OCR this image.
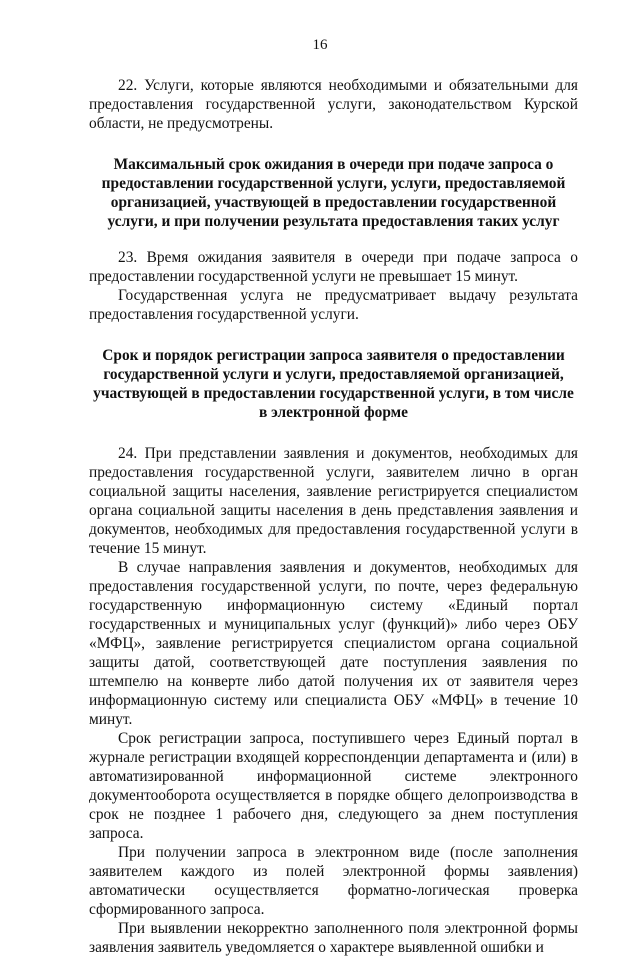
16

22. Услуги, которые являются необходимыми и обязательными для предоставления государственной услуги, законодательством Курской области, не предусмотрены.

Максимальный срок ожидания в очереди при подаче запроса о предоставлении государственной услуги, услуги, предоставляемой организацией, участвующей в предоставлении государственной услуги, и при получении результата предоставления таких услуг

23. Время ожидания заявителя в очереди при подаче запроса о предоставлении государственной услуги не превышает 15 минут.

Государственная услуга не предусматривает выдачу результата предоставления государственной услуги.

Срок и порядок регистрации запроса заявителя о предоставлении государственной услуги и услуги, предоставляемой организацией, участвующей в предоставлении государственной услуги, в том числе в электронной форме

24. При представлении заявления и документов, необходимых для предоставления государственной услуги, заявителем лично в орган социальной защиты населения, заявление регистрируется специалистом органа социальной защиты населения в день представления заявления и документов, необходимых для предоставления государственной услуги в течение 15 минут.

В случае направления заявления и документов, необходимых для предоставления государственной услуги, по почте, через федеральную государственную информационную систему «Единый портал государственных и муниципальных услуг (функций)» либо через ОБУ «МФЦ», заявление регистрируется специалистом органа социальной защиты датой, соответствующей дате поступления заявления по штемпелю на конверте либо датой получения их от заявителя через информационную систему или специалиста ОБУ «МФЦ» в течение 10 минут.

Срок регистрации запроса, поступившего через Единый портал в журнале регистрации входящей корреспонденции департамента и (или) в автоматизированной информационной системе электронного документооборота осуществляется в порядке общего делопроизводства в срок не позднее 1 рабочего дня, следующего за днем поступления запроса.

При получении запроса в электронном виде (после заполнения заявителем каждого из полей электронной формы заявления) автоматически осуществляется форматно-логическая проверка сформированного запроса.

При выявлении некорректно заполненного поля электронной формы заявления заявитель уведомляется о характере выявленной ошибки и
